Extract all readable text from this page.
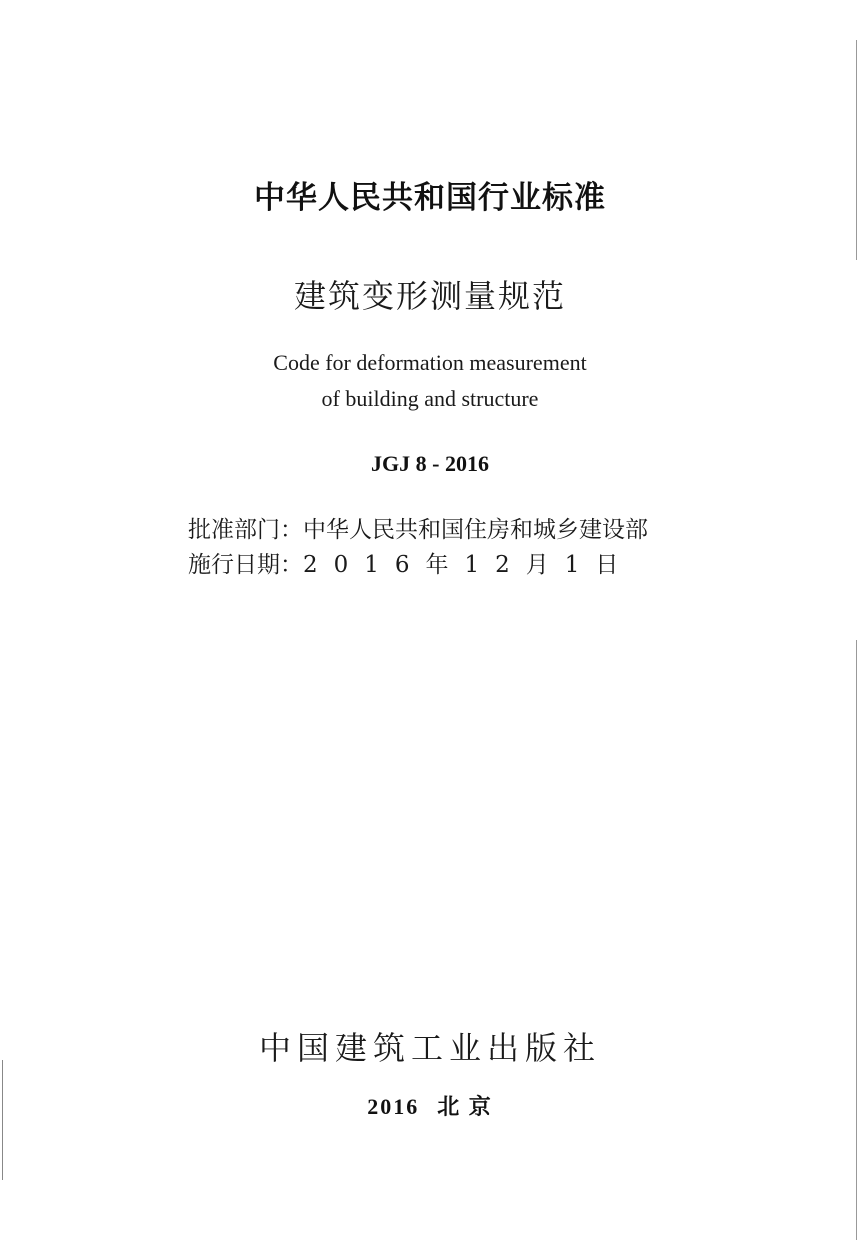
中华人民共和国行业标准
建筑变形测量规范
Code for deformation measurement
of building and structure
JGJ 8 - 2016
批准部门：中华人民共和国住房和城乡建设部
施行日期：2016年12月1日
中国建筑工业出版社
2016 北 京
